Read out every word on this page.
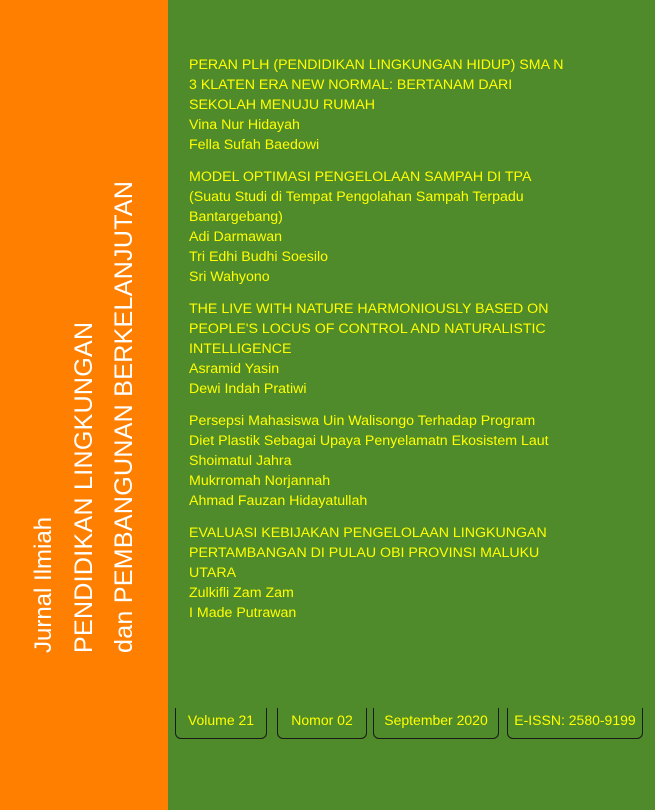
Jurnal Ilmiah PENDIDIKAN LINGKUNGAN dan PEMBANGUNAN BERKELANJUTAN
PERAN PLH (PENDIDIKAN LINGKUNGAN HIDUP) SMA N
3 KLATEN ERA NEW NORMAL: BERTANAM DARI
SEKOLAH MENUJU RUMAH
Vina Nur Hidayah
Fella Sufah Baedowi
MODEL OPTIMASI PENGELOLAAN SAMPAH DI TPA
(Suatu Studi di Tempat Pengolahan Sampah Terpadu
Bantargebang)
Adi Darmawan
Tri Edhi Budhi Soesilo
Sri Wahyono
THE LIVE WITH NATURE HARMONIOUSLY BASED ON
PEOPLE'S LOCUS OF CONTROL AND NATURALISTIC
INTELLIGENCE
Asramid Yasin
Dewi Indah Pratiwi
Persepsi Mahasiswa Uin Walisongo Terhadap Program
Diet Plastik Sebagai Upaya Penyelamatn Ekosistem Laut
Shoimatul Jahra
Mukrromah Norjannah
Ahmad Fauzan Hidayatullah
EVALUASI KEBIJAKAN PENGELOLAAN LINGKUNGAN
PERTAMBANGAN DI PULAU OBI PROVINSI MALUKU
UTARA
Zulkifli Zam Zam
I Made Putrawan
Volume 21	Nomor 02	September 2020	E-ISSN: 2580-9199
